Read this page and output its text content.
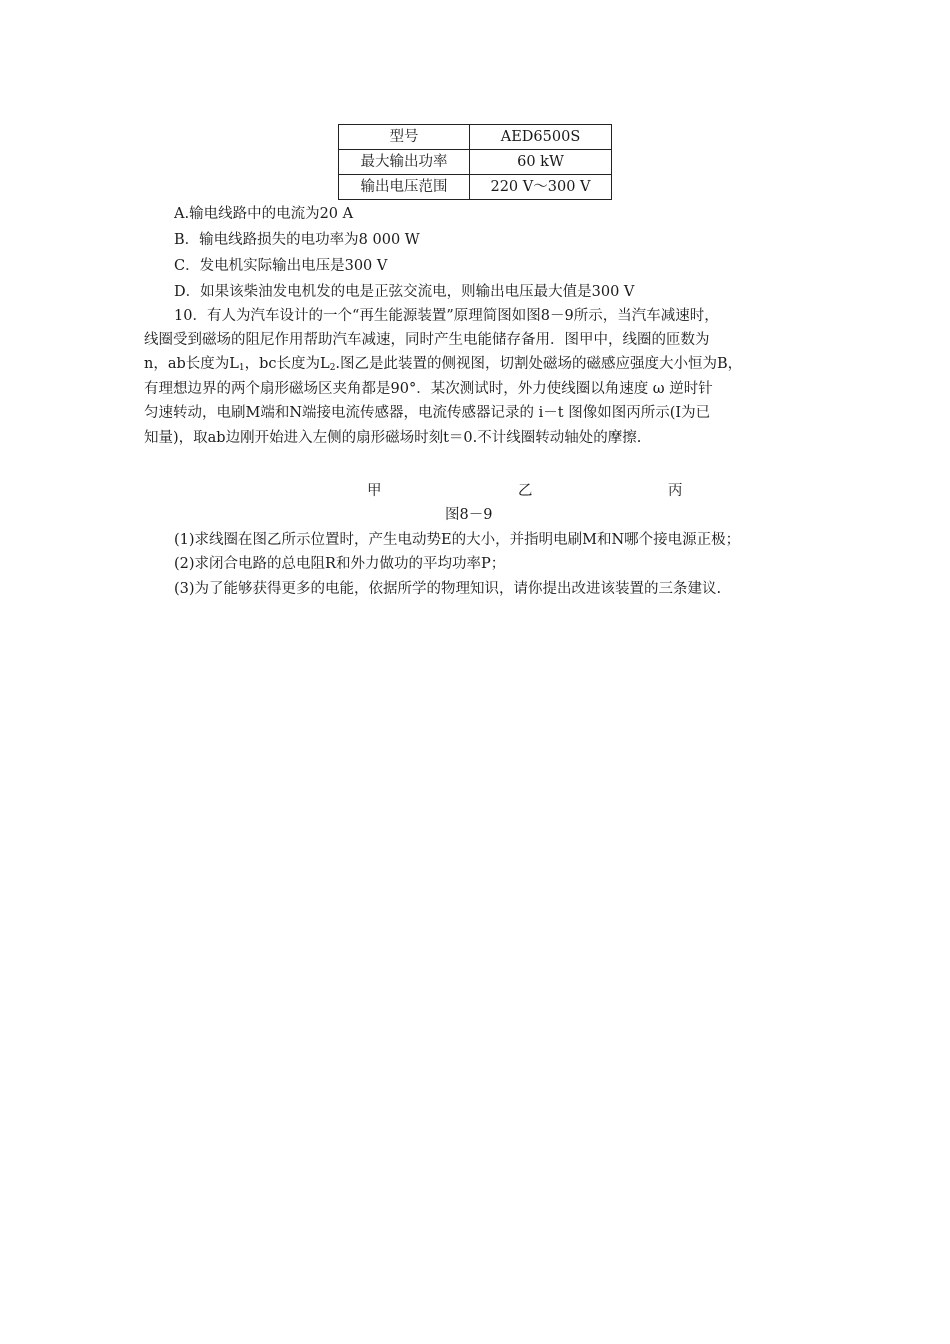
型号	AED6500S
最大输出功率	60 kW
输出电压范围	220 V～300 V
A.输电线路中的电流为20 A
B．输电线路损失的电功率为8 000 W
C．发电机实际输出电压是300 V
D．如果该柴油发电机发的电是正弦交流电，则输出电压最大值是300 V
10．有人为汽车设计的一个“再生能源装置”原理简图如图8－9所示，当汽车减速时，
线圈受到磁场的阻尼作用帮助汽车减速，同时产生电能储存备用．图甲中，线圈的匝数为
n，ab长度为$L_1$，bc长度为$L_2$.图乙是此装置的侧视图，切割处磁场的磁感应强度大小恒为B，
有理想边界的两个扇形磁场区夹角都是90°．某次测试时，外力使线圈以角速度 ω 逆时针
匀速转动，电刷M端和N端接电流传感器，电流传感器记录的 i－t 图像如图丙所示(I为已
知量)，取ab边刚开始进入左侧的扇形磁场时刻t＝0.不计线圈转动轴处的摩擦.
甲	乙	丙
图8－9
(1)求线圈在图乙所示位置时，产生电动势E的大小，并指明电刷M和N哪个接电源正极；
(2)求闭合电路的总电阻R和外力做功的平均功率P；
(3)为了能够获得更多的电能，依据所学的物理知识，请你提出改进该装置的三条建议.
